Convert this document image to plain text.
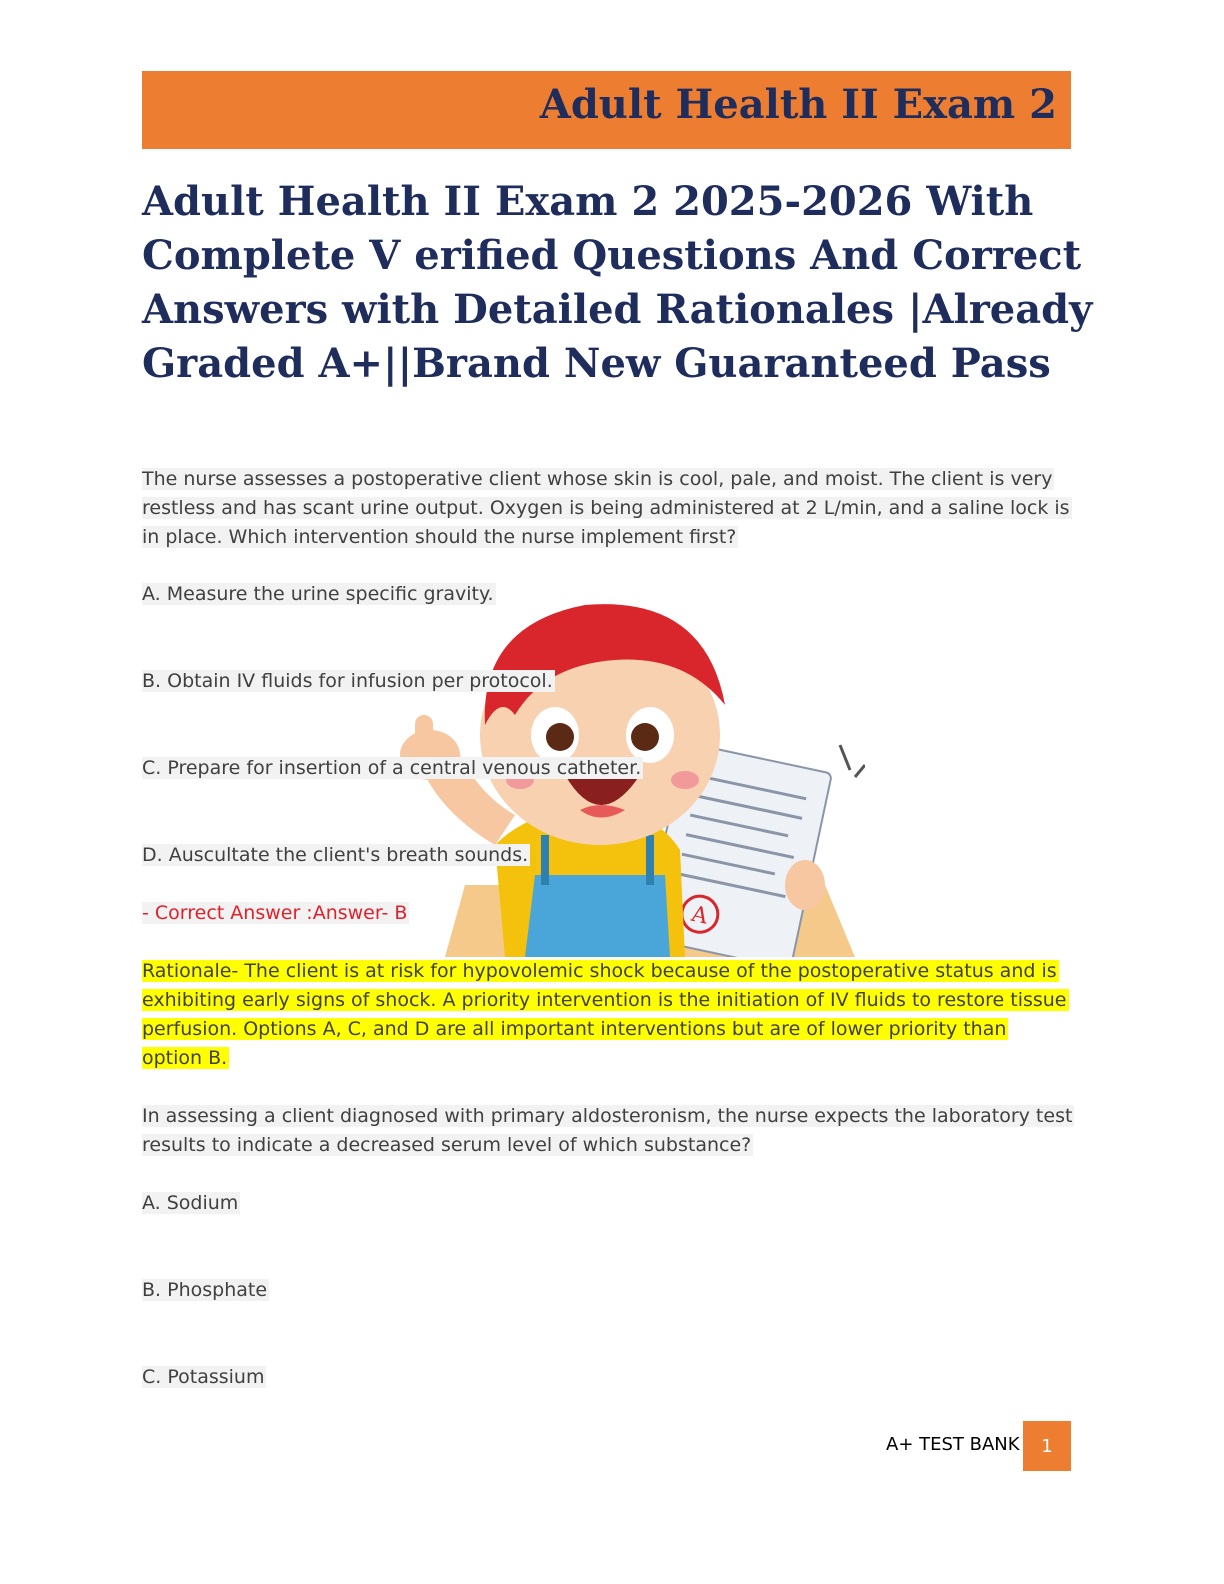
Adult Health II Exam 2
Adult Health II Exam 2 2025-2026 With
Complete V erified Questions And Correct
Answers with Detailed Rationales |Already
Graded A+||Brand New Guaranteed Pass
The nurse assesses a postoperative client whose skin is cool, pale, and moist. The client is very
restless and has scant urine output. Oxygen is being administered at 2 L/min, and a saline lock is
in place. Which intervention should the nurse implement first?
A
A. Measure the urine specific gravity.
B. Obtain IV fluids for infusion per protocol.
C. Prepare for insertion of a central venous catheter.
D. Auscultate the client's breath sounds.
- Correct Answer :Answer- B
Rationale- The client is at risk for hypovolemic shock because of the postoperative status and is
exhibiting early signs of shock. A priority intervention is the initiation of IV fluids to restore tissue
perfusion. Options A, C, and D are all important interventions but are of lower priority than
option B.
In assessing a client diagnosed with primary aldosteronism, the nurse expects the laboratory test
results to indicate a decreased serum level of which substance?
A. Sodium
B. Phosphate
C. Potassium
A+ TEST BANK	1
